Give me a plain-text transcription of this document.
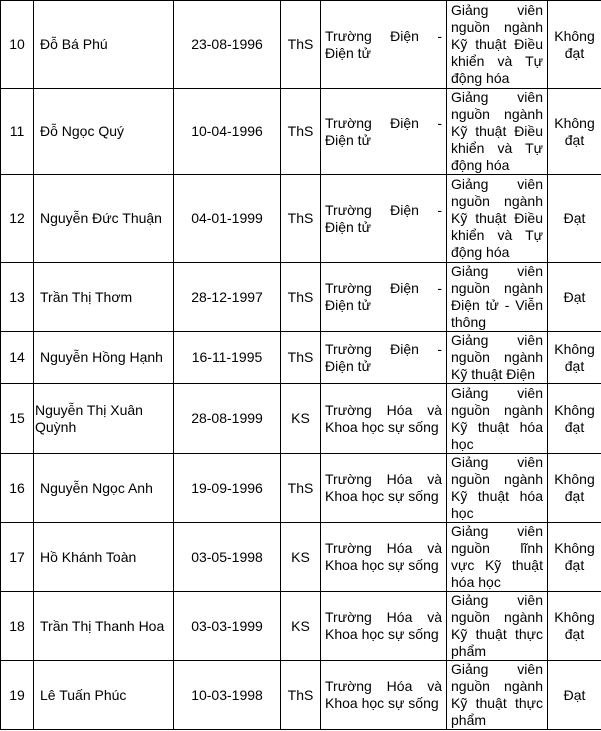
10	Đỗ Bá Phú	23-08-1996	ThS	Trường Điện - Điện tử	Giảng viên nguồn ngành Kỹ thuật Điều khiển và Tự động hóa	Không đạt
11	Đỗ Ngọc Quý	10-04-1996	ThS	Trường Điện - Điện tử	Giảng viên nguồn ngành Kỹ thuật Điều khiển và Tự động hóa	Không đạt
12	Nguyễn Đức Thuận	04-01-1999	ThS	Trường Điện - Điện tử	Giảng viên nguồn ngành Kỹ thuật Điều khiển và Tự động hóa	Đạt
13	Trần Thị Thơm	28-12-1997	ThS	Trường Điện - Điện tử	Giảng viên nguồn ngành Điện tử - Viễn thông	Đạt
14	Nguyễn Hồng Hạnh	16-11-1995	ThS	Trường Điện - Điện tử	Giảng viên nguồn ngành Kỹ thuật Điện	Không đạt
15	Nguyễn Thị Xuân Quỳnh	28-08-1999	KS	Trường Hóa và Khoa học sự sống	Giảng viên nguồn ngành Kỹ thuật hóa học	Không đạt
16	Nguyễn Ngọc Anh	19-09-1996	ThS	Trường Hóa và Khoa học sự sống	Giảng viên nguồn ngành Kỹ thuật hóa học	Không đạt
17	Hồ Khánh Toàn	03-05-1998	KS	Trường Hóa và Khoa học sự sống	Giảng viên nguồn lĩnh vực Kỹ thuật hóa học	Không đạt
18	Trần Thị Thanh Hoa	03-03-1999	KS	Trường Hóa và Khoa học sự sống	Giảng viên nguồn ngành Kỹ thuật thực phẩm	Không đạt
19	Lê Tuấn Phúc	10-03-1998	ThS	Trường Hóa và Khoa học sự sống	Giảng viên nguồn ngành Kỹ thuật thực phẩm	Đạt
